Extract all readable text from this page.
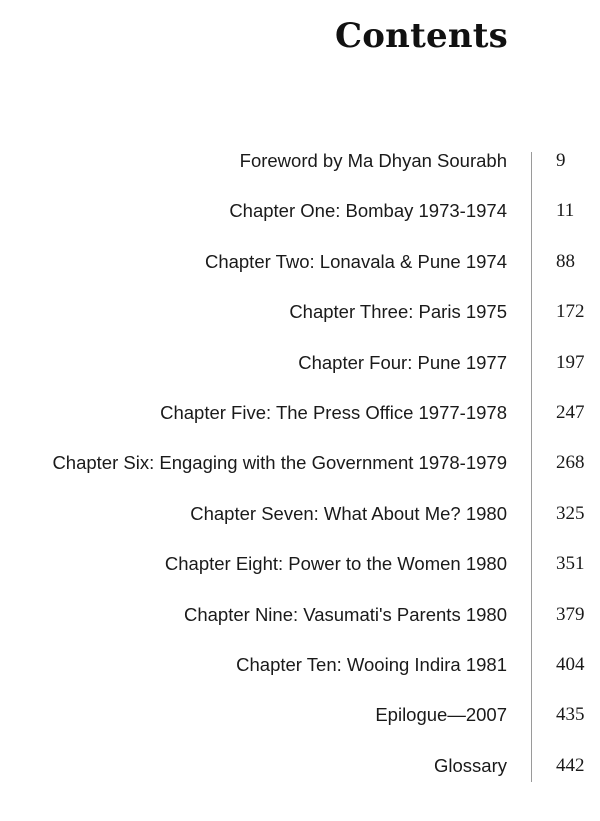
Contents
Foreword by Ma Dhyan Sourabh	9
Chapter One: Bombay 1973-1974	11
Chapter Two: Lonavala & Pune 1974	88
Chapter Three: Paris 1975	172
Chapter Four: Pune 1977	197
Chapter Five: The Press Office 1977-1978	247
Chapter Six: Engaging with the Government 1978-1979	268
Chapter Seven: What About Me? 1980	325
Chapter Eight: Power to the Women 1980	351
Chapter Nine: Vasumati's Parents 1980	379
Chapter Ten: Wooing Indira 1981	404
Epilogue—2007	435
Glossary	442
